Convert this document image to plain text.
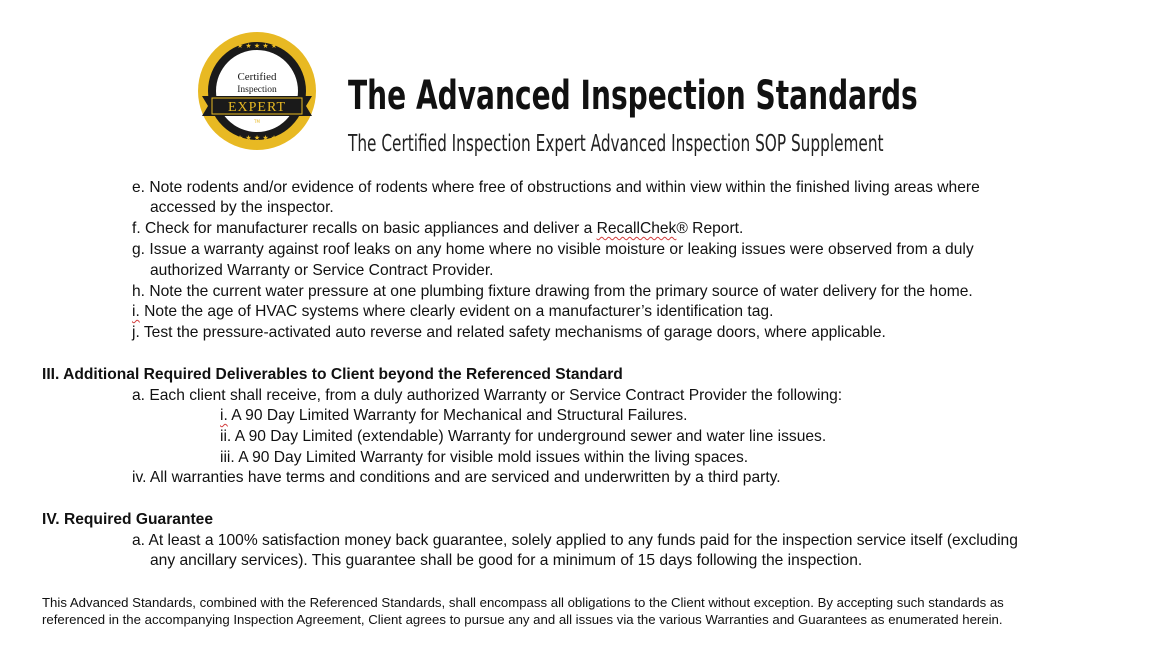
★ ★ ★ ★ ★
★ ★ ★ ★ ★
Certified
Inspection
EXPERT
TM
The Advanced Inspection Standards
The Certified Inspection Expert Advanced Inspection SOP Supplement
e. Note rodents and/or evidence of rodents where free of obstructions and within view within the finished living areas where
accessed by the inspector.
f. Check for manufacturer recalls on basic appliances and deliver a RecallChek® Report.
g. Issue a warranty against roof leaks on any home where no visible moisture or leaking issues were observed from a duly
authorized Warranty or Service Contract Provider.
h. Note the current water pressure at one plumbing fixture drawing from the primary source of water delivery for the home.
i. Note the age of HVAC systems where clearly evident on a manufacturer’s identification tag.
j. Test the pressure-activated auto reverse and related safety mechanisms of garage doors, where applicable.
III. Additional Required Deliverables to Client beyond the Referenced Standard
a. Each client shall receive, from a duly authorized Warranty or Service Contract Provider the following:
i. A 90 Day Limited Warranty for Mechanical and Structural Failures.
ii. A 90 Day Limited (extendable) Warranty for underground sewer and water line issues.
iii. A 90 Day Limited Warranty for visible mold issues within the living spaces.
iv. All warranties have terms and conditions and are serviced and underwritten by a third party.
IV. Required Guarantee
a. At least a 100% satisfaction money back guarantee, solely applied to any funds paid for the inspection service itself (excluding
any ancillary services). This guarantee shall be good for a minimum of 15 days following the inspection.
This Advanced Standards, combined with the Referenced Standards, shall encompass all obligations to the Client without exception. By accepting such standards as
referenced in the accompanying Inspection Agreement, Client agrees to pursue any and all issues via the various Warranties and Guarantees as enumerated herein.
